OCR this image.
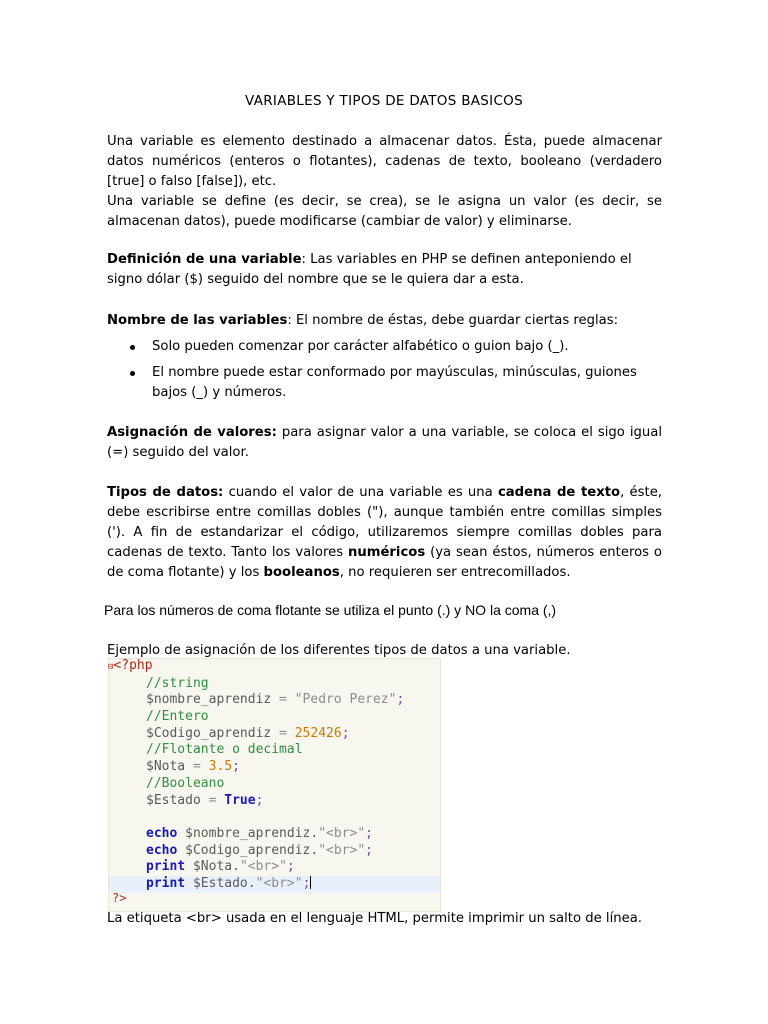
VARIABLES Y TIPOS DE DATOS BASICOS
Una variable es elemento destinado a almacenar datos. Ésta, puede almacenar datos numéricos (enteros o flotantes), cadenas de texto, booleano (verdadero [true] o falso [false]), etc.
Una variable se define (es decir, se crea), se le asigna un valor (es decir, se almacenan datos), puede modificarse (cambiar de valor) y eliminarse.
Definición de una variable: Las variables en PHP se definen anteponiendo el signo dólar ($) seguido del nombre que se le quiera dar a esta.
Nombre de las variables: El nombre de éstas, debe guardar ciertas reglas:
Solo pueden comenzar por carácter alfabético o guion bajo (_).
El nombre puede estar conformado por mayúsculas, minúsculas, guiones bajos (_) y números.
Asignación de valores: para asignar valor a una variable, se coloca el sigo igual (=) seguido del valor.
Tipos de datos: cuando el valor de una variable es una cadena de texto, éste, debe escribirse entre comillas dobles ("), aunque también entre comillas simples ('). A fin de estandarizar el código, utilizaremos siempre comillas dobles para cadenas de texto. Tanto los valores numéricos (ya sean éstos, números enteros o de coma flotante) y los booleanos, no requieren ser entrecomillados.
Para los números de coma flotante se utiliza el punto (.) y NO la coma (,)
Ejemplo de asignación de los diferentes tipos de datos a una variable.
//string
$nombre_aprendiz = "Pedro Perez";
//Entero
$Codigo_aprendiz = 252426;
//Flotante o decimal
$Nota = 3.5;
//Booleano
$Estado = True;
echo $nombre_aprendiz."<br>";
echo $Codigo_aprendiz."<br>";
print $Nota."<br>";
print $Estado."<br>";
⊟<?php
?>
La etiqueta <br> usada en el lenguaje HTML, permite imprimir un salto de línea.
